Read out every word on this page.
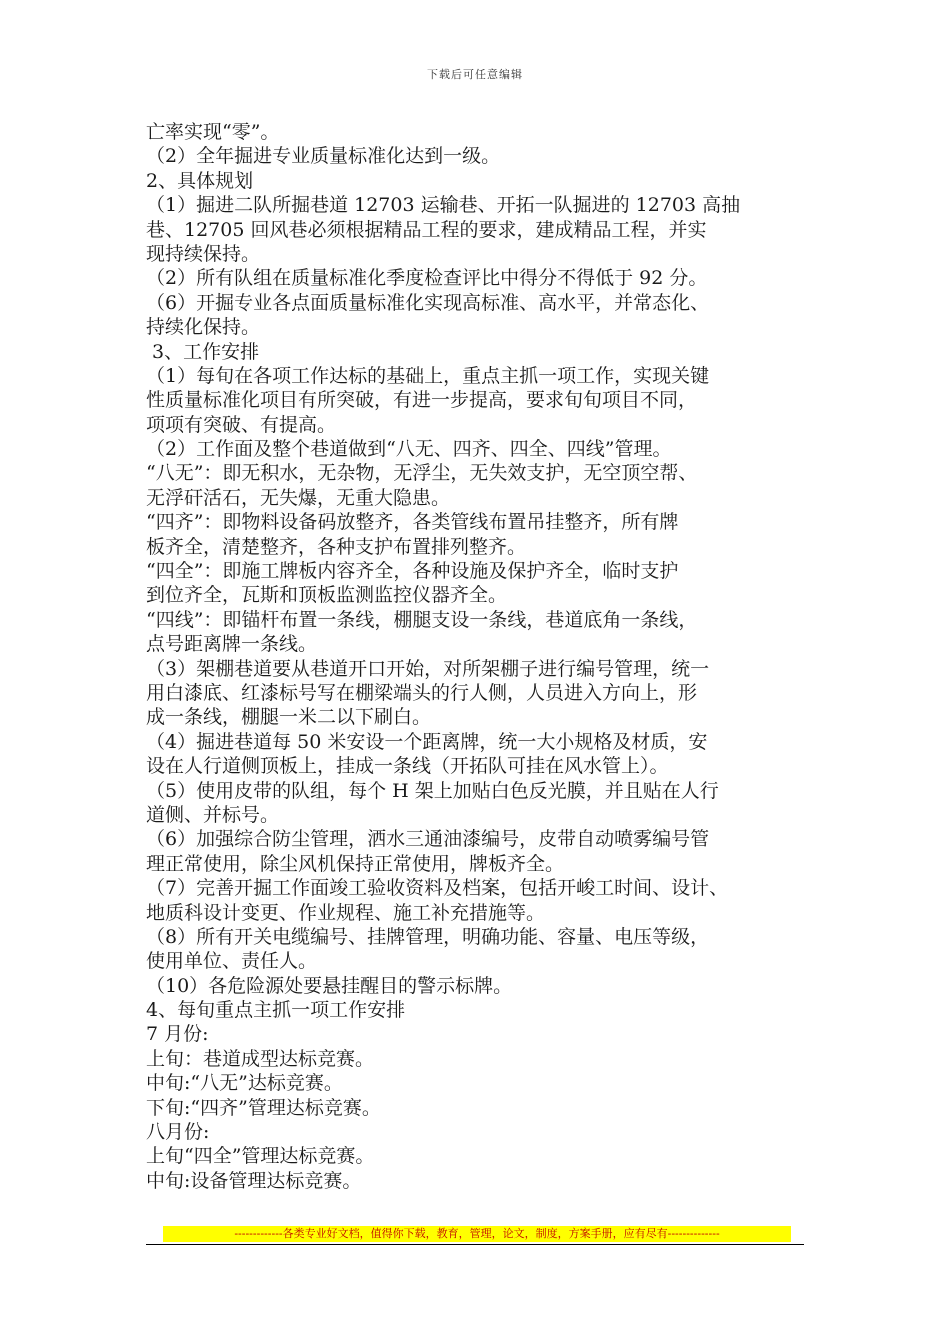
下载后可任意编辑
亡率实现“零”。
（2）全年掘进专业质量标准化达到一级。
2、具体规划
（1）掘进二队所掘巷道 12703 运输巷、开拓一队掘进的 12703 高抽
巷、12705 回风巷必须根据精品工程的要求，建成精品工程，并实
现持续保持。
（2）所有队组在质量标准化季度检查评比中得分不得低于 92 分。
（6）开掘专业各点面质量标准化实现高标准、高水平，并常态化、
持续化保持。
3、工作安排
（1）每旬在各项工作达标的基础上，重点主抓一项工作，实现关键
性质量标准化项目有所突破，有进一步提高，要求旬旬项目不同，
项项有突破、有提高。
（2）工作面及整个巷道做到“八无、四齐、四全、四线”管理。
“八无”：即无积水，无杂物，无浮尘，无失效支护，无空顶空帮、
无浮矸活石，无失爆，无重大隐患。
“四齐”：即物料设备码放整齐，各类管线布置吊挂整齐，所有牌
板齐全，清楚整齐，各种支护布置排列整齐。
“四全”：即施工牌板内容齐全，各种设施及保护齐全，临时支护
到位齐全，瓦斯和顶板监测监控仪器齐全。
“四线”：即锚杆布置一条线，棚腿支设一条线，巷道底角一条线，
点号距离牌一条线。
（3）架棚巷道要从巷道开口开始，对所架棚子进行编号管理，统一
用白漆底、红漆标号写在棚梁端头的行人侧，人员进入方向上，形
成一条线，棚腿一米二以下刷白。
（4）掘进巷道每 50 米安设一个距离牌，统一大小规格及材质，安
设在人行道侧顶板上，挂成一条线（开拓队可挂在风水管上）。
（5）使用皮带的队组，每个 H 架上加贴白色反光膜，并且贴在人行
道侧、并标号。
（6）加强综合防尘管理，洒水三通油漆编号，皮带自动喷雾编号管
理正常使用，除尘风机保持正常使用，牌板齐全。
（7）完善开掘工作面竣工验收资料及档案，包括开峻工时间、设计、
地质科设计变更、作业规程、施工补充措施等。
（8）所有开关电缆编号、挂牌管理，明确功能、容量、电压等级，
使用单位、责任人。
（10）各危险源处要悬挂醒目的警示标牌。
4、每旬重点主抓一项工作安排
7 月份:
上旬：巷道成型达标竞赛。
中旬:“八无”达标竞赛。
下旬:“四齐”管理达标竞赛。
八月份:
上旬“四全”管理达标竞赛。
中旬:设备管理达标竞赛。
-------------各类专业好文档，值得你下载，教育，管理，论文，制度，方案手册，应有尽有--------------
